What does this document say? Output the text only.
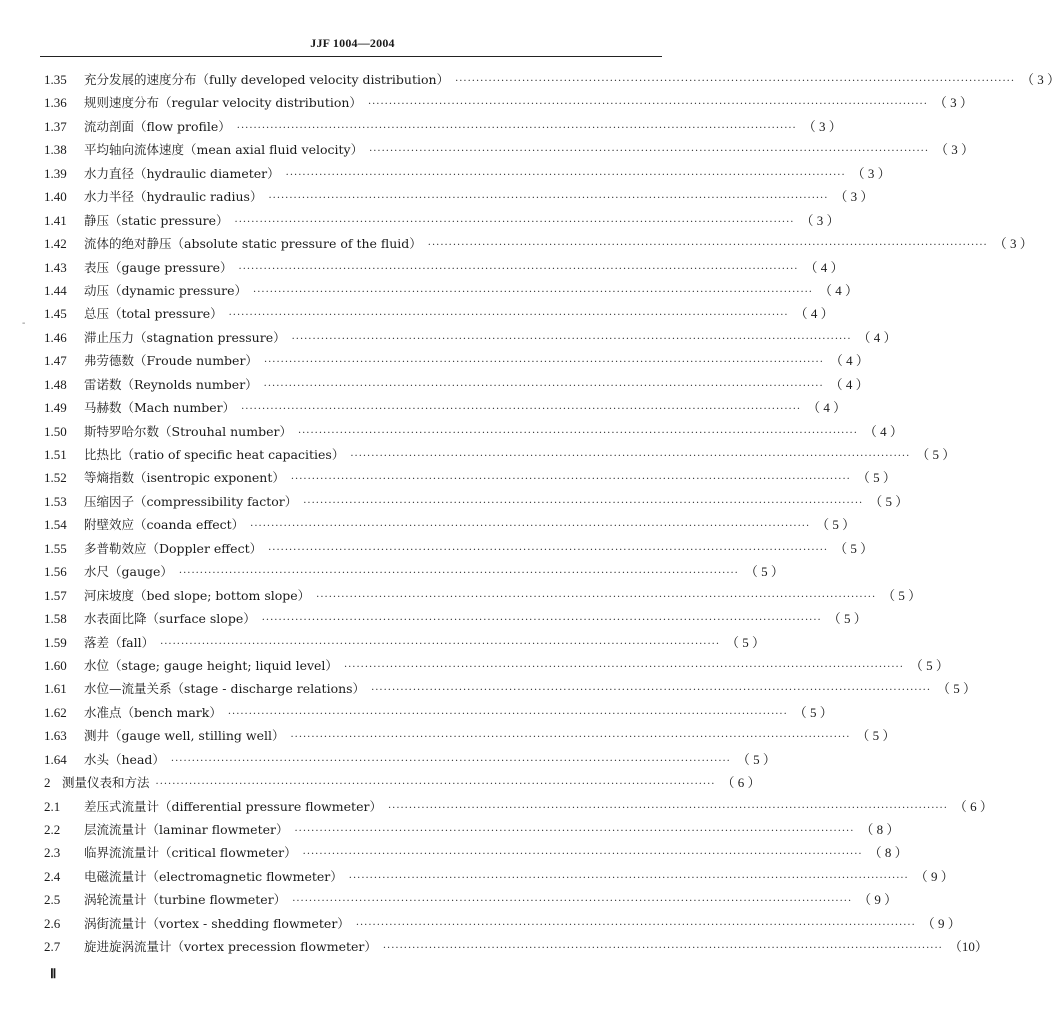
JJF 1004—2004
-
1.35	充分发展的速度分布（fully developed velocity distribution） ·····	（ 3 ）
1.36	规则速度分布（regular velocity distribution） ·····	（ 3 ）
1.37	流动剖面（flow profile） ·····	（ 3 ）
1.38	平均轴向流体速度（mean axial fluid velocity） ·····	（ 3 ）
1.39	水力直径（hydraulic diameter） ·····	（ 3 ）
1.40	水力半径（hydraulic radius） ·····	（ 3 ）
1.41	静压（static pressure） ·····	（ 3 ）
1.42	流体的绝对静压（absolute static pressure of the fluid） ·····	（ 3 ）
1.43	表压（gauge pressure） ·····	（ 4 ）
1.44	动压（dynamic pressure） ·····	（ 4 ）
1.45	总压（total pressure） ·····	（ 4 ）
1.46	滞止压力（stagnation pressure） ·····	（ 4 ）
1.47	弗劳德数（Froude number） ·····	（ 4 ）
1.48	雷诺数（Reynolds number） ·····	（ 4 ）
1.49	马赫数（Mach number） ·····	（ 4 ）
1.50	斯特罗哈尔数（Strouhal number） ·····	（ 4 ）
1.51	比热比（ratio of specific heat capacities） ·····	（ 5 ）
1.52	等熵指数（isentropic exponent） ·····	（ 5 ）
1.53	压缩因子（compressibility factor） ·····	（ 5 ）
1.54	附壁效应（coanda effect） ·····	（ 5 ）
1.55	多普勒效应（Doppler effect） ·····	（ 5 ）
1.56	水尺（gauge） ·····	（ 5 ）
1.57	河床坡度（bed slope; bottom slope） ·····	（ 5 ）
1.58	水表面比降（surface slope） ·····	（ 5 ）
1.59	落差（fall） ·····	（ 5 ）
1.60	水位（stage; gauge height; liquid level） ·····	（ 5 ）
1.61	水位—流量关系（stage - discharge relations） ·····	（ 5 ）
1.62	水准点（bench mark） ·····	（ 5 ）
1.63	测井（gauge well, stilling well） ·····	（ 5 ）
1.64	水头（head） ·····	（ 5 ）
2 测量仪表和方法 ·····	（ 6 ）
2.1	差压式流量计（differential pressure flowmeter） ·····	（ 6 ）
2.2	层流流量计（laminar flowmeter） ·····	（ 8 ）
2.3	临界流流量计（critical flowmeter） ·····	（ 8 ）
2.4	电磁流量计（electromagnetic flowmeter） ·····	（ 9 ）
2.5	涡轮流量计（turbine flowmeter） ·····	（ 9 ）
2.6	涡街流量计（vortex - shedding flowmeter） ·····	（ 9 ）
2.7	旋进旋涡流量计（vortex precession flowmeter） ·····	（10）
Ⅱ
